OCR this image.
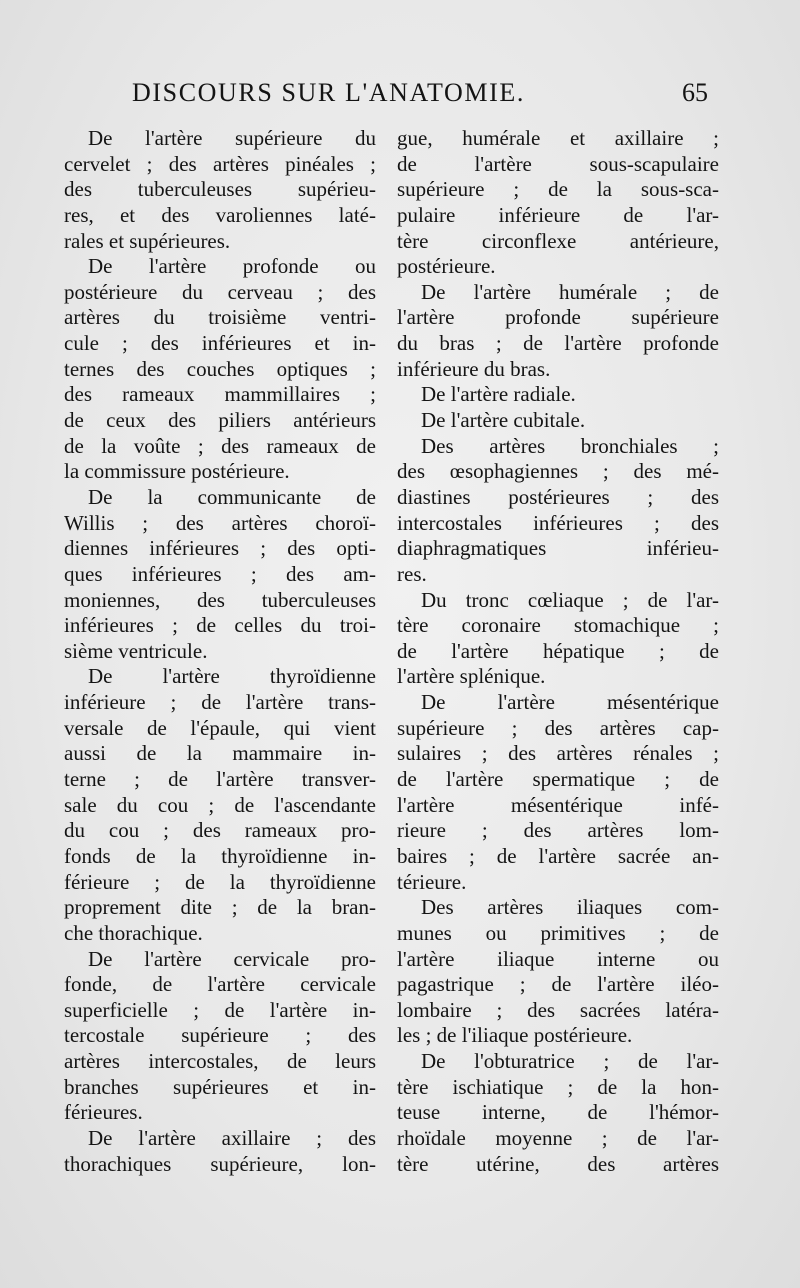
DISCOURS SUR L'ANATOMIE.	65
De l'artère supérieure du
cervelet ; des artères pinéales ;
des tuberculeuses supérieu-
res, et des varoliennes laté-
rales et supérieures.
De l'artère profonde ou
postérieure du cerveau ; des
artères du troisième ventri-
cule ; des inférieures et in-
ternes des couches optiques ;
des rameaux mammillaires ;
de ceux des piliers antérieurs
de la voûte ; des rameaux de
la commissure postérieure.
De la communicante de
Willis ; des artères choroï-
diennes inférieures ; des opti-
ques inférieures ; des am-
moniennes, des tuberculeuses
inférieures ; de celles du troi-
sième ventricule.
De l'artère thyroïdienne
inférieure ; de l'artère trans-
versale de l'épaule, qui vient
aussi de la mammaire in-
terne ; de l'artère transver-
sale du cou ; de l'ascendante
du cou ; des rameaux pro-
fonds de la thyroïdienne in-
férieure ; de la thyroïdienne
proprement dite ; de la bran-
che thorachique.
De l'artère cervicale pro-
fonde, de l'artère cervicale
superficielle ; de l'artère in-
tercostale supérieure ; des
artères intercostales, de leurs
branches supérieures et in-
férieures.
De l'artère axillaire ; des
thorachiques supérieure, lon-
gue, humérale et axillaire ;
de l'artère sous-scapulaire
supérieure ; de la sous-sca-
pulaire inférieure de l'ar-
tère circonflexe antérieure,
postérieure.
De l'artère humérale ; de
l'artère profonde supérieure
du bras ; de l'artère profonde
inférieure du bras.
De l'artère radiale.
De l'artère cubitale.
Des artères bronchiales ;
des œsophagiennes ; des mé-
diastines postérieures ; des
intercostales inférieures ; des
diaphragmatiques inférieu-
res.
Du tronc cœliaque ; de l'ar-
tère coronaire stomachique ;
de l'artère hépatique ; de
l'artère splénique.
De l'artère mésentérique
supérieure ; des artères cap-
sulaires ; des artères rénales ;
de l'artère spermatique ; de
l'artère mésentérique infé-
rieure ; des artères lom-
baires ; de l'artère sacrée an-
térieure.
Des artères iliaques com-
munes ou primitives ; de
l'artère iliaque interne ou
pagastrique ; de l'artère iléo-
lombaire ; des sacrées latéra-
les ; de l'iliaque postérieure.
De l'obturatrice ; de l'ar-
tère ischiatique ; de la hon-
teuse interne, de l'hémor-
rhoïdale moyenne ; de l'ar-
tère utérine, des artères
